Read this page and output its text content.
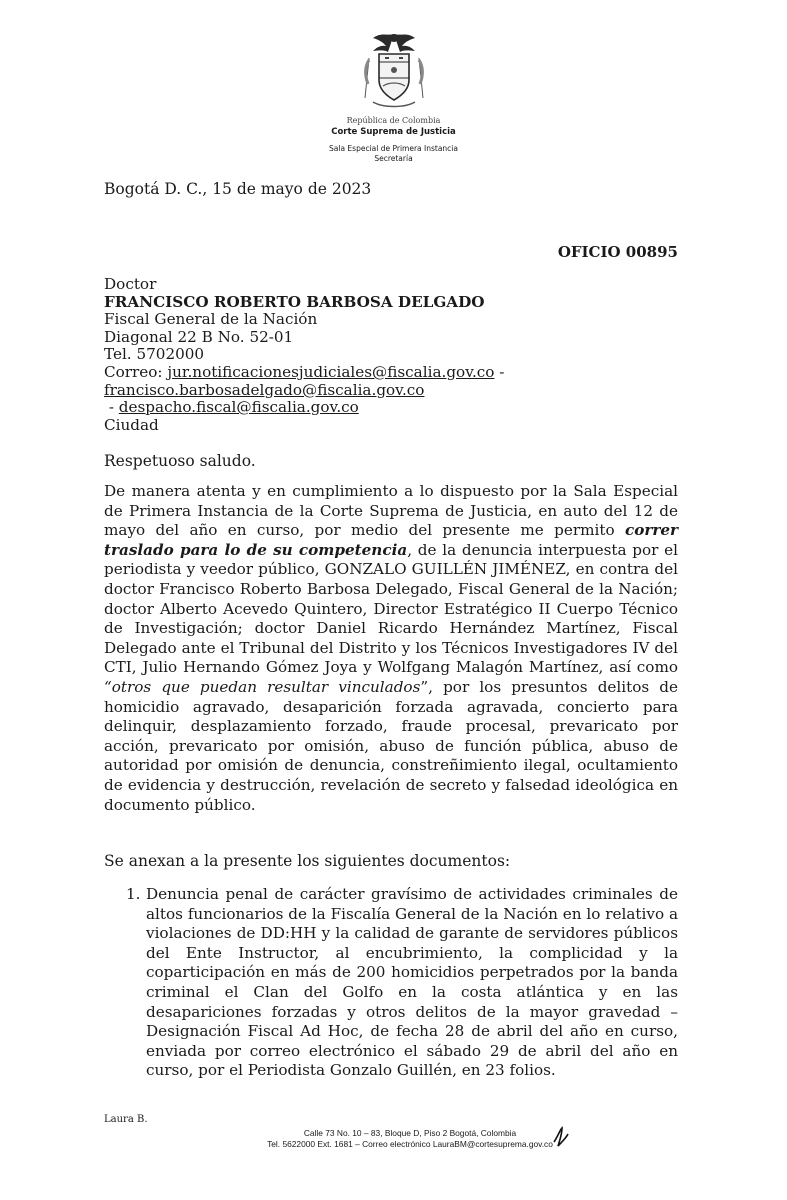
República de Colombia
Corte Suprema de Justicia
Sala Especial de Primera Instancia
Secretaría
Bogotá D. C., 15 de mayo de 2023
OFICIO 00895
Doctor
FRANCISCO ROBERTO BARBOSA DELGADO
Fiscal General de la Nación
Diagonal 22 B No. 52-01
Tel. 5702000
Correo: jur.notificacionesjudiciales@fiscalia.gov.co -
francisco.barbosadelgado@fiscalia.gov.co - despacho.fiscal@fiscalia.gov.co
Ciudad
Respetuoso saludo.
De manera atenta y en cumplimiento a lo dispuesto por la Sala Especial de Primera Instancia de la Corte Suprema de Justicia, en auto del 12 de mayo del año en curso, por medio del presente me permito correr traslado para lo de su competencia, de la denuncia interpuesta por el periodista y veedor público, GONZALO GUILLÉN JIMÉNEZ, en contra del doctor Francisco Roberto Barbosa Delegado, Fiscal General de la Nación; doctor Alberto Acevedo Quintero, Director Estratégico II Cuerpo Técnico de Investigación; doctor Daniel Ricardo Hernández Martínez, Fiscal Delegado ante el Tribunal del Distrito y los Técnicos Investigadores IV del CTI, Julio Hernando Gómez Joya y Wolfgang Malagón Martínez, así como “otros que puedan resultar vinculados”, por los presuntos delitos de homicidio agravado, desaparición forzada agravada, concierto para delinquir, desplazamiento forzado, fraude procesal, prevaricato por acción, prevaricato por omisión, abuso de función pública, abuso de autoridad por omisión de denuncia, constreñimiento ilegal, ocultamiento de evidencia y destrucción, revelación de secreto y falsedad ideológica en documento público.
Se anexan a la presente los siguientes documentos:
1. Denuncia penal de carácter gravísimo de actividades criminales de altos funcionarios de la Fiscalía General de la Nación en lo relativo a violaciones de DD:HH y la calidad de garante de servidores públicos del Ente Instructor, al encubrimiento, la complicidad y la coparticipación en más de 200 homicidios perpetrados por la banda criminal el Clan del Golfo en la costa atlántica y en las desapariciones forzadas y otros delitos de la mayor gravedad – Designación Fiscal Ad Hoc, de fecha 28 de abril del año en curso, enviada por correo electrónico el sábado 29 de abril del año en curso, por el Periodista Gonzalo Guillén, en 23 folios.
Laura B.
Calle 73 No. 10 – 83, Bloque D, Piso 2 Bogotá, Colombia
Tel. 5622000 Ext. 1681 – Correo electrónico LauraBM@cortesuprema.gov.co
